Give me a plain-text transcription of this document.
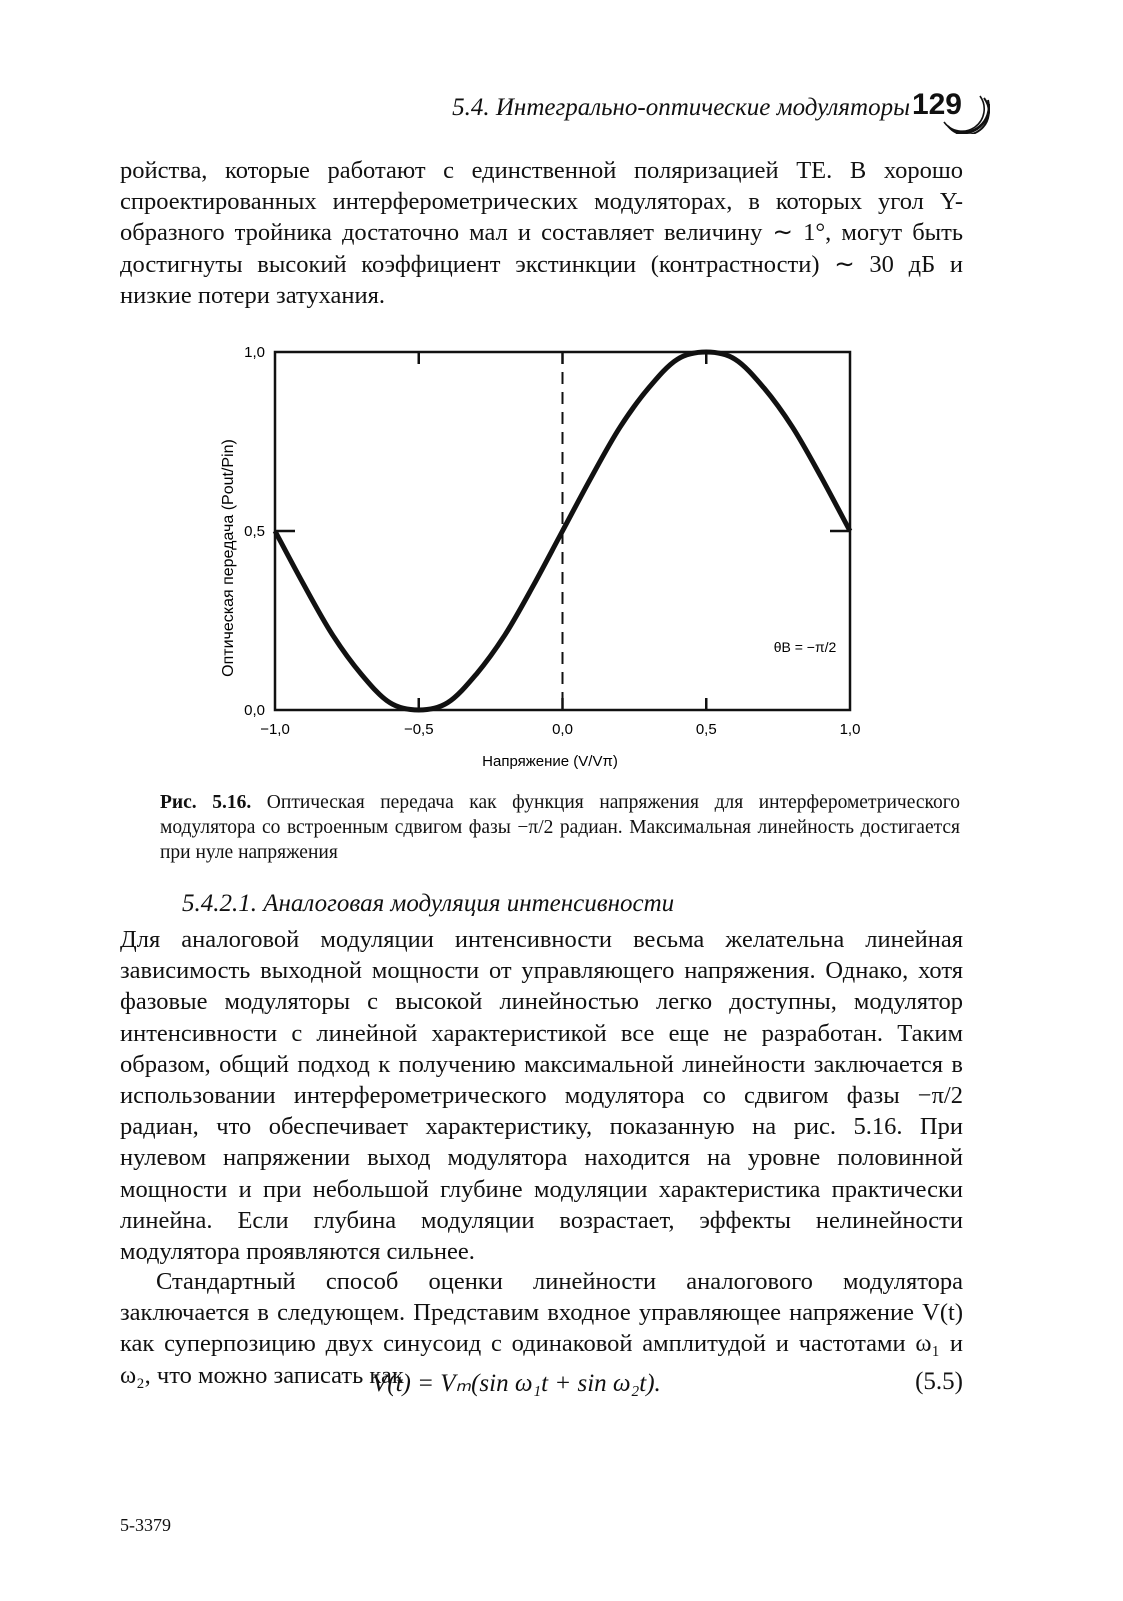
5.4. Интегрально-оптические модуляторы 129

ройства, которые работают с единственной поляризацией TE. В хорошо спроектированных интерферометрических модуляторах, в которых угол Y-образного тройника достаточно мал и составляет величину ∼ 1°, могут быть достигнуты высокий коэффициент экстинкции (контрастности) ∼ 30 дБ и низкие потери затухания.

−1,0	−0,5	0,0	0,5	1,0
0,0
0,5
1,0
Напряжение (V/Vπ)
Оптическая передача (Pout/Pin)	θB = −π/2
Рис. 5.16. Оптическая передача как функция напряжения для интерферометрического модулятора со встроенным сдвигом фазы −π/2 радиан. Максимальная линейность достигается при нуле напряжения
5.4.2.1. Аналоговая модуляция интенсивности

Для аналоговой модуляции интенсивности весьма желательна линейная зависимость выходной мощности от управляющего напряжения. Однако, хотя фазовые модуляторы с высокой линейностью легко доступны, модулятор интенсивности с линейной характеристикой все еще не разработан. Таким образом, общий подход к получению максимальной линейности заключается в использовании интерферометрического модулятора со сдвигом фазы −π/2 радиан, что обеспечивает характеристику, показанную на рис. 5.16. При нулевом напряжении выход модулятора находится на уровне половинной мощности и при небольшой глубине модуляции характеристика практически линейна. Если глубина модуляции возрастает, эффекты нелинейности модулятора проявляются сильнее.

Стандартный способ оценки линейности аналогового модулятора заключается в следующем. Представим входное управляющее напряжение V(t) как суперпозицию двух синусоид с одинаковой амплитудой и частотами ω₁ и ω₂, что можно записать как

V(t) = Vₘ(sin ω₁t + sin ω₂t).	(5.5)
5-3379
